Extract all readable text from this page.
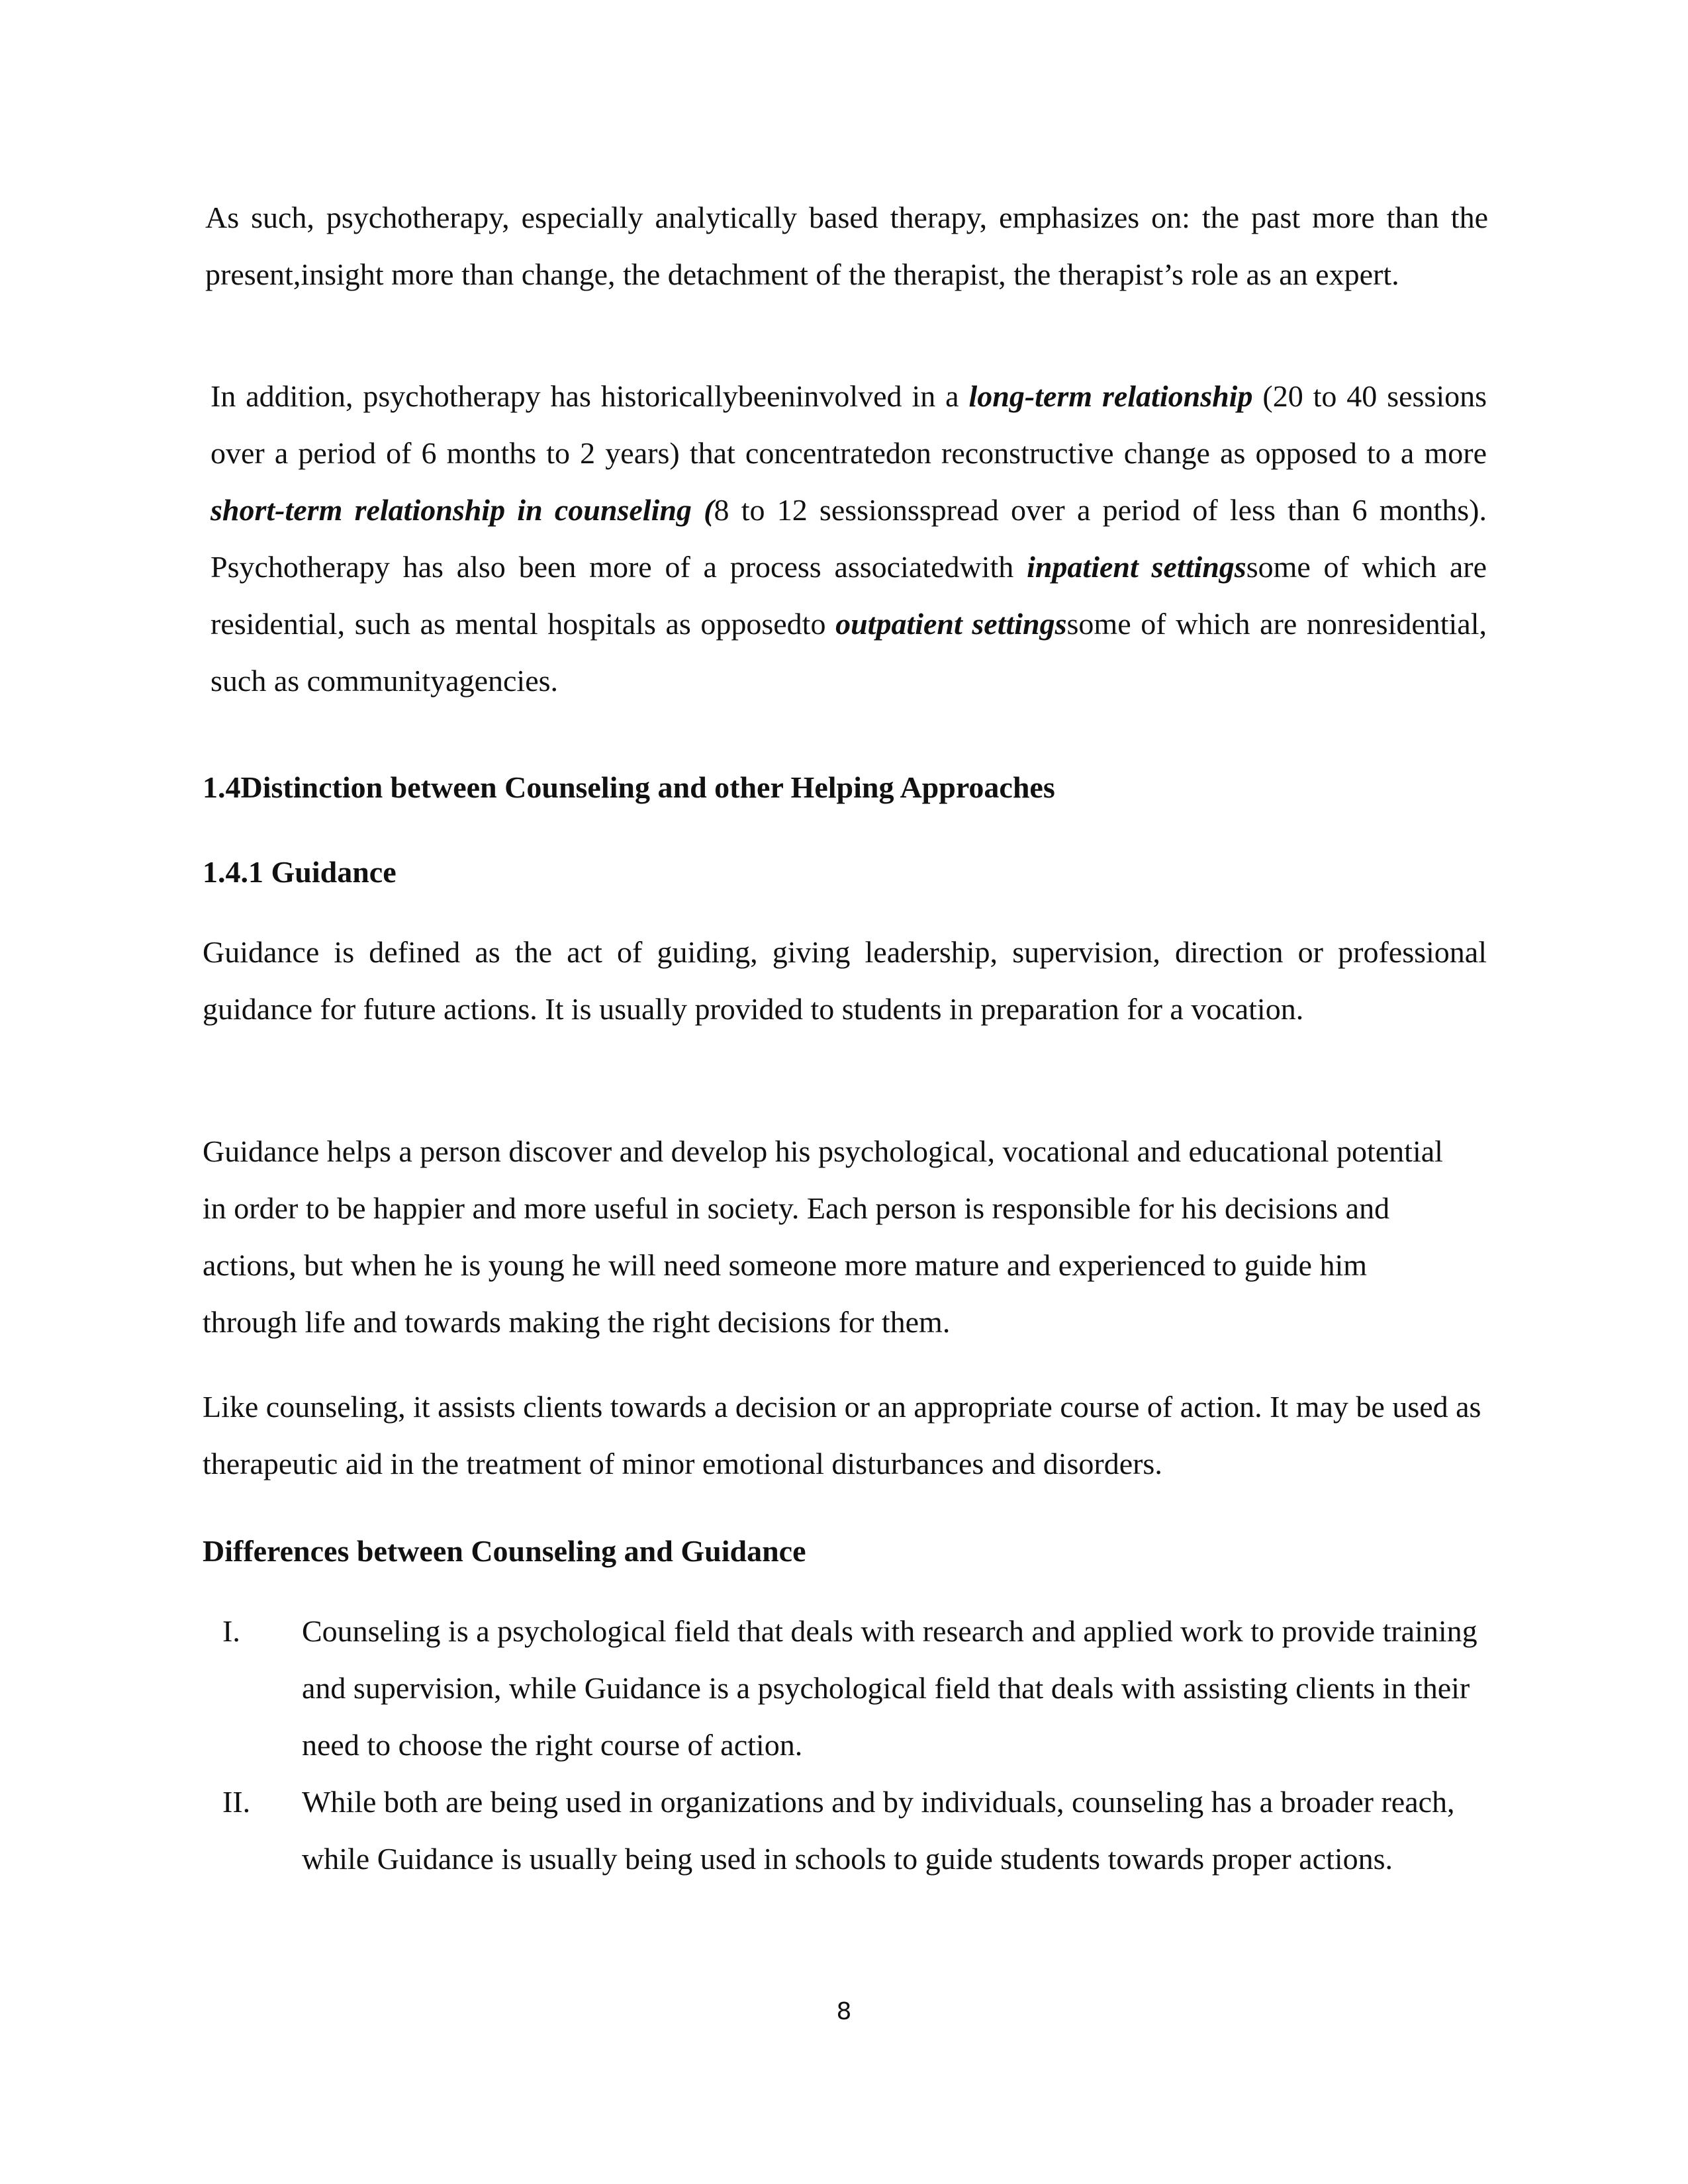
As such, psychotherapy, especially analytically based therapy, emphasizes on: the past more than the present,insight more than change, the detachment of the therapist, the therapist’s role as an expert.

In addition, psychotherapy has historicallybeeninvolved in a long-term relationship (20 to 40 sessions over a period of 6 months to 2 years) that concentratedon reconstructive change as opposed to a more short-term relationship in counseling (8 to 12 sessionsspread over a period of less than 6 months). Psychotherapy has also been more of a process associatedwith inpatient settingssome of which are residential, such as mental hospitals as opposedto outpatient settingssome of which are nonresidential, such as communityagencies.

1.4Distinction between Counseling and other Helping Approaches
1.4.1 Guidance

Guidance is defined as the act of guiding, giving leadership, supervision, direction or professional guidance for future actions. It is usually provided to students in preparation for a vocation.

Guidance helps a person discover and develop his psychological, vocational and educational potential in order to be happier and more useful in society. Each person is responsible for his decisions and actions, but when he is young he will need someone more mature and experienced to guide him through life and towards making the right decisions for them.

Like counseling, it assists clients towards a decision or an appropriate course of action. It may be used as therapeutic aid in the treatment of minor emotional disturbances and disorders.

Differences between Counseling and Guidance
I.	Counseling is a psychological field that deals with research and applied work to provide training and supervision, while Guidance is a psychological field that deals with assisting clients in their need to choose the right course of action.
II.	While both are being used in organizations and by individuals, counseling has a broader reach, while Guidance is usually being used in schools to guide students towards proper actions.
8
